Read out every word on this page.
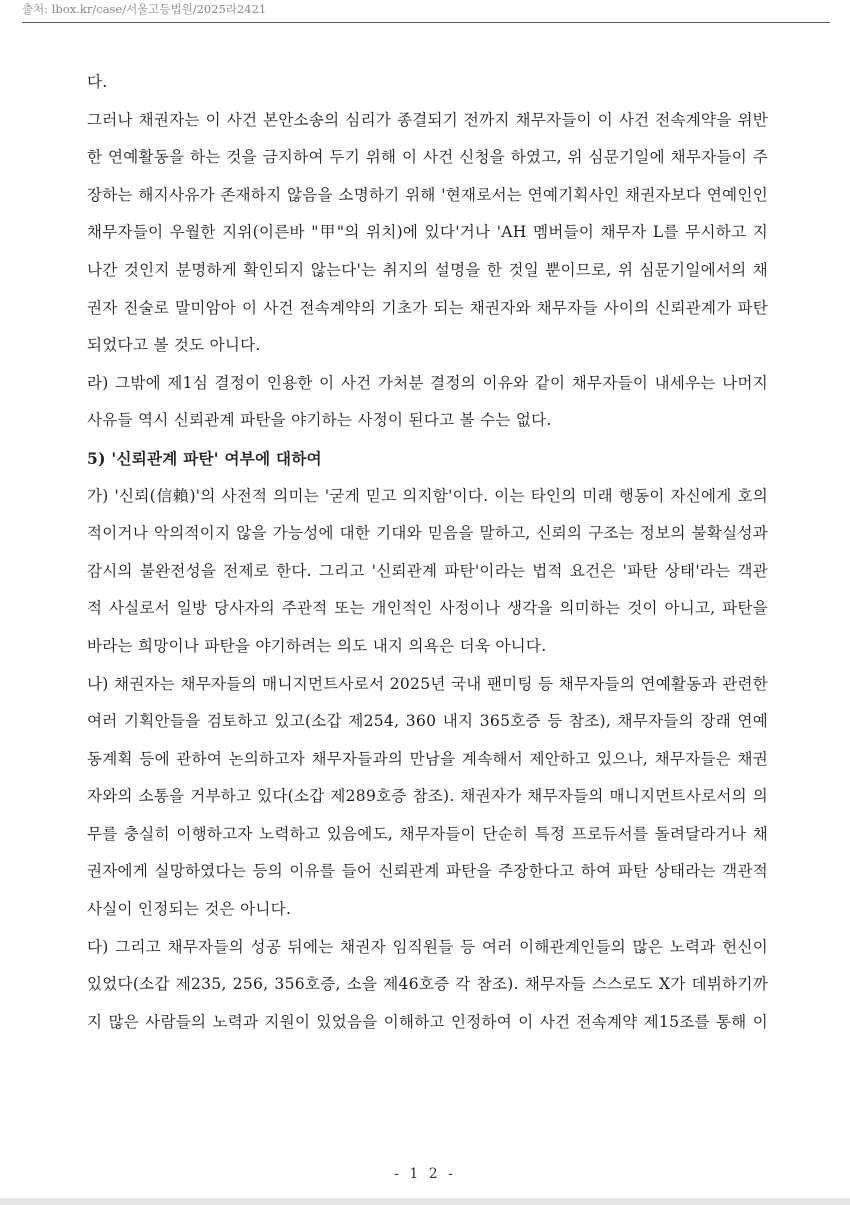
출처: lbox.kr/case/서울고등법원/2025라2421
다.
그러나 채권자는 이 사건 본안소송의 심리가 종결되기 전까지 채무자들이 이 사건 전속계약을 위반
한 연예활동을 하는 것을 금지하여 두기 위해 이 사건 신청을 하였고, 위 심문기일에 채무자들이 주
장하는 해지사유가 존재하지 않음을 소명하기 위해 '현재로서는 연예기획사인 채권자보다 연예인인
채무자들이 우월한 지위(이른바 "甲"의 위치)에 있다'거나 'AH 멤버들이 채무자 L를 무시하고 지
나간 것인지 분명하게 확인되지 않는다'는 취지의 설명을 한 것일 뿐이므로, 위 심문기일에서의 채
권자 진술로 말미암아 이 사건 전속계약의 기초가 되는 채권자와 채무자들 사이의 신뢰관계가 파탄
되었다고 볼 것도 아니다.
라) 그밖에 제1심 결정이 인용한 이 사건 가처분 결정의 이유와 같이 채무자들이 내세우는 나머지
사유들 역시 신뢰관계 파탄을 야기하는 사정이 된다고 볼 수는 없다.
5) '신뢰관계 파탄' 여부에 대하여
가) '신뢰(信賴)'의 사전적 의미는 '굳게 믿고 의지함'이다. 이는 타인의 미래 행동이 자신에게 호의
적이거나 악의적이지 않을 가능성에 대한 기대와 믿음을 말하고, 신뢰의 구조는 정보의 불확실성과
감시의 불완전성을 전제로 한다. 그리고 '신뢰관계 파탄'이라는 법적 요건은 '파탄 상태'라는 객관
적 사실로서 일방 당사자의 주관적 또는 개인적인 사정이나 생각을 의미하는 것이 아니고, 파탄을
바라는 희망이나 파탄을 야기하려는 의도 내지 의욕은 더욱 아니다.
나) 채권자는 채무자들의 매니지먼트사로서 2025년 국내 팬미팅 등 채무자들의 연예활동과 관련한
여러 기획안들을 검토하고 있고(소갑 제254, 360 내지 365호증 등 참조), 채무자들의 장래 연예
동계획 등에 관하여 논의하고자 채무자들과의 만남을 계속해서 제안하고 있으나, 채무자들은 채권
자와의 소통을 거부하고 있다(소갑 제289호증 참조). 채권자가 채무자들의 매니지먼트사로서의 의
무를 충실히 이행하고자 노력하고 있음에도, 채무자들이 단순히 특정 프로듀서를 돌려달라거나 채
권자에게 실망하였다는 등의 이유를 들어 신뢰관계 파탄을 주장한다고 하여 파탄 상태라는 객관적
사실이 인정되는 것은 아니다.
다) 그리고 채무자들의 성공 뒤에는 채권자 임직원들 등 여러 이해관계인들의 많은 노력과 헌신이
있었다(소갑 제235, 256, 356호증, 소을 제46호증 각 참조). 채무자들 스스로도 X가 데뷔하기까
지 많은 사람들의 노력과 지원이 있었음을 이해하고 인정하여 이 사건 전속계약 제15조를 통해 이
- 1 2 -
